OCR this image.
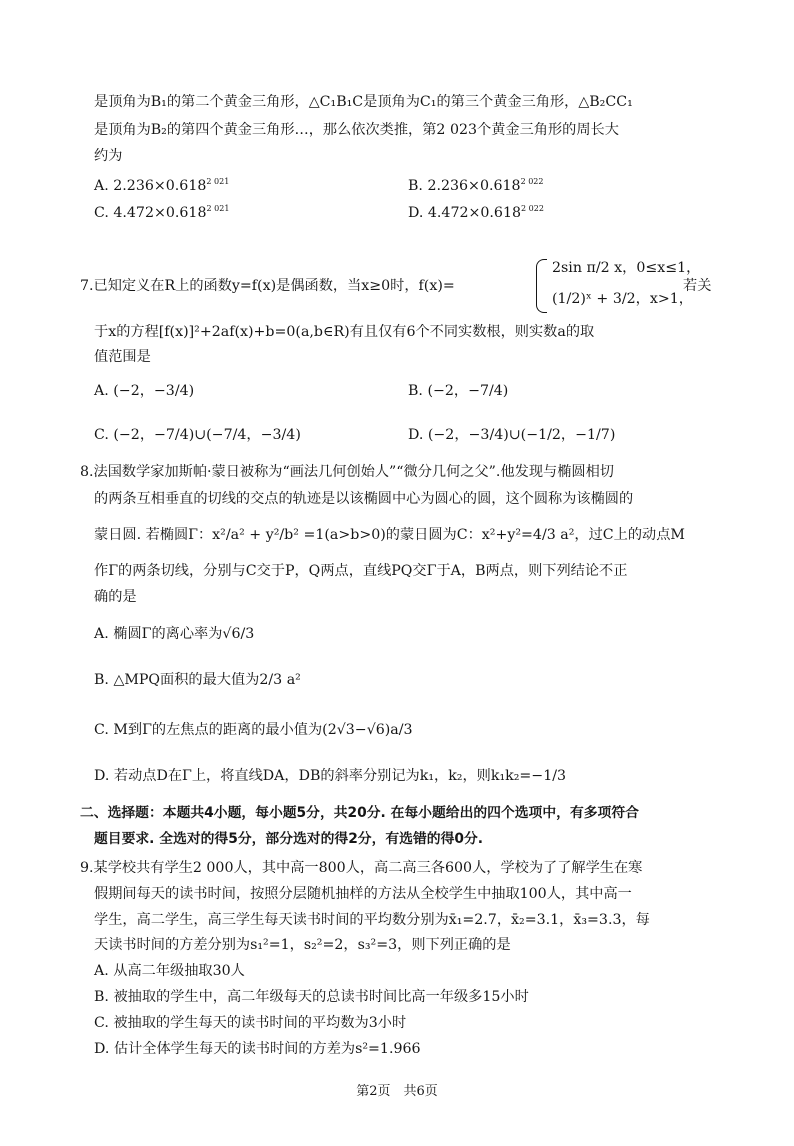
是顶角为B₁的第二个黄金三角形，△C₁B₁C是顶角为C₁的第三个黄金三角形，△B₂CC₁
是顶角为B₂的第四个黄金三角形…，那么依次类推，第2 023个黄金三角形的周长大
约为
A. $2.236\times 0.618^{2 021}$	B. $2.236\times 0.618^{2 022}$
C. $4.472\times 0.618^{2 021}$	D. $4.472\times 0.618^{2 022}$
7.已知定义在R上的函数y=f(x)是偶函数，当x≥0时，f(x)=
2sin π/2 x，0≤x≤1，
(1/2)ˣ + 3/2，x>1，
若关
于x的方程[f(x)]²+2af(x)+b=0(a,b∈R)有且仅有6个不同实数根，则实数a的取
值范围是
A. (−2，−3/4)	B. (−2，−7/4)
C. (−2，−7/4)∪(−7/4，−3/4)	D. (−2，−3/4)∪(−1/2，−1/7)
8.法国数学家加斯帕·蒙日被称为“画法几何创始人”“微分几何之父”.他发现与椭圆相切
的两条互相垂直的切线的交点的轨迹是以该椭圆中心为圆心的圆，这个圆称为该椭圆的
蒙日圆. 若椭圆Γ：x²/a² + y²/b² =1(a>b>0)的蒙日圆为C：x²+y²=4/3 a²，过C上的动点M
作Γ的两条切线，分别与C交于P，Q两点，直线PQ交Γ于A，B两点，则下列结论不正
确的是
A. 椭圆Γ的离心率为√6/3
B. △MPQ面积的最大值为2/3 a²
C. M到Γ的左焦点的距离的最小值为(2√3−√6)a/3
D. 若动点D在Γ上，将直线DA，DB的斜率分别记为k₁，k₂，则k₁k₂=−1/3
二、选择题：本题共4小题，每小题5分，共20分. 在每小题给出的四个选项中，有多项符合
题目要求. 全选对的得5分，部分选对的得2分，有选错的得0分.
9.某学校共有学生2 000人，其中高一800人，高二高三各600人，学校为了了解学生在寒
假期间每天的读书时间，按照分层随机抽样的方法从全校学生中抽取100人，其中高一
学生，高二学生，高三学生每天读书时间的平均数分别为x̄₁=2.7，x̄₂=3.1，x̄₃=3.3，每
天读书时间的方差分别为s₁²=1，s₂²=2，s₃²=3，则下列正确的是
A. 从高二年级抽取30人
B. 被抽取的学生中，高二年级每天的总读书时间比高一年级多15小时
C. 被抽取的学生每天的读书时间的平均数为3小时
D. 估计全体学生每天的读书时间的方差为s²=1.966
第2页　共6页
